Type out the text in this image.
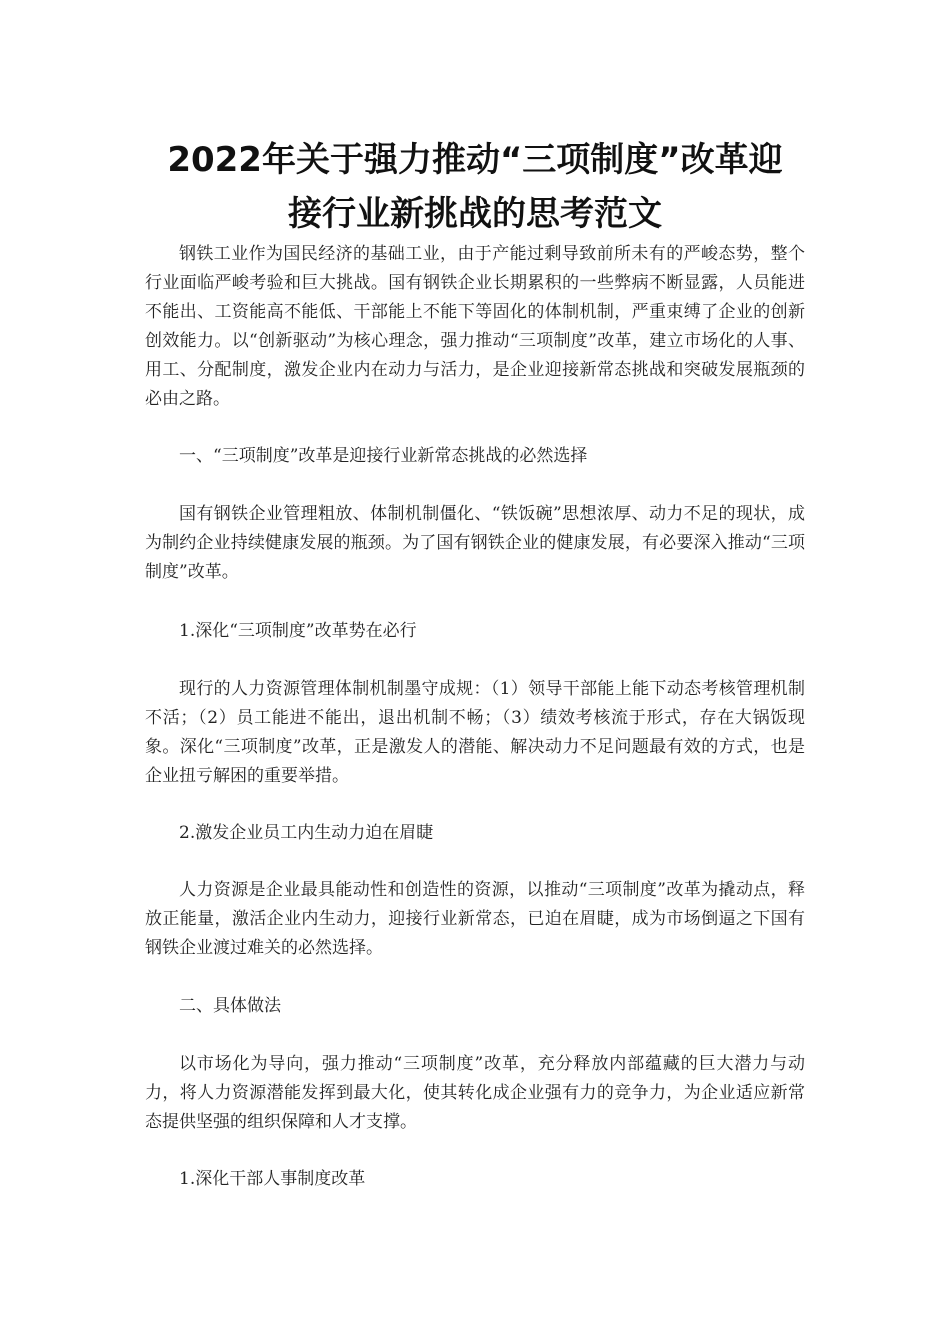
2022年关于强力推动“三项制度”改革迎
接行业新挑战的思考范文

钢铁工业作为国民经济的基础工业，由于产能过剩导致前所未有的严峻态势，整个行业面临严峻考验和巨大挑战。国有钢铁企业长期累积的一些弊病不断显露，人员能进不能出、工资能高不能低、干部能上不能下等固化的体制机制，严重束缚了企业的创新创效能力。以“创新驱动”为核心理念，强力推动“三项制度”改革，建立市场化的人事、用工、分配制度，激发企业内在动力与活力，是企业迎接新常态挑战和突破发展瓶颈的必由之路。

一、“三项制度”改革是迎接行业新常态挑战的必然选择

国有钢铁企业管理粗放、体制机制僵化、“铁饭碗”思想浓厚、动力不足的现状，成为制约企业持续健康发展的瓶颈。为了国有钢铁企业的健康发展，有必要深入推动“三项制度”改革。

1.深化“三项制度”改革势在必行

现行的人力资源管理体制机制墨守成规：（1）领导干部能上能下动态考核管理机制不活；（2）员工能进不能出，退出机制不畅；（3）绩效考核流于形式，存在大锅饭现象。深化“三项制度”改革，正是激发人的潜能、解决动力不足问题最有效的方式，也是企业扭亏解困的重要举措。

2.激发企业员工内生动力迫在眉睫

人力资源是企业最具能动性和创造性的资源，以推动“三项制度”改革为撬动点，释放正能量，激活企业内生动力，迎接行业新常态，已迫在眉睫，成为市场倒逼之下国有钢铁企业渡过难关的必然选择。

二、具体做法

以市场化为导向，强力推动“三项制度”改革，充分释放内部蕴藏的巨大潜力与动力，将人力资源潜能发挥到最大化，使其转化成企业强有力的竞争力，为企业适应新常态提供坚强的组织保障和人才支撑。

1.深化干部人事制度改革
